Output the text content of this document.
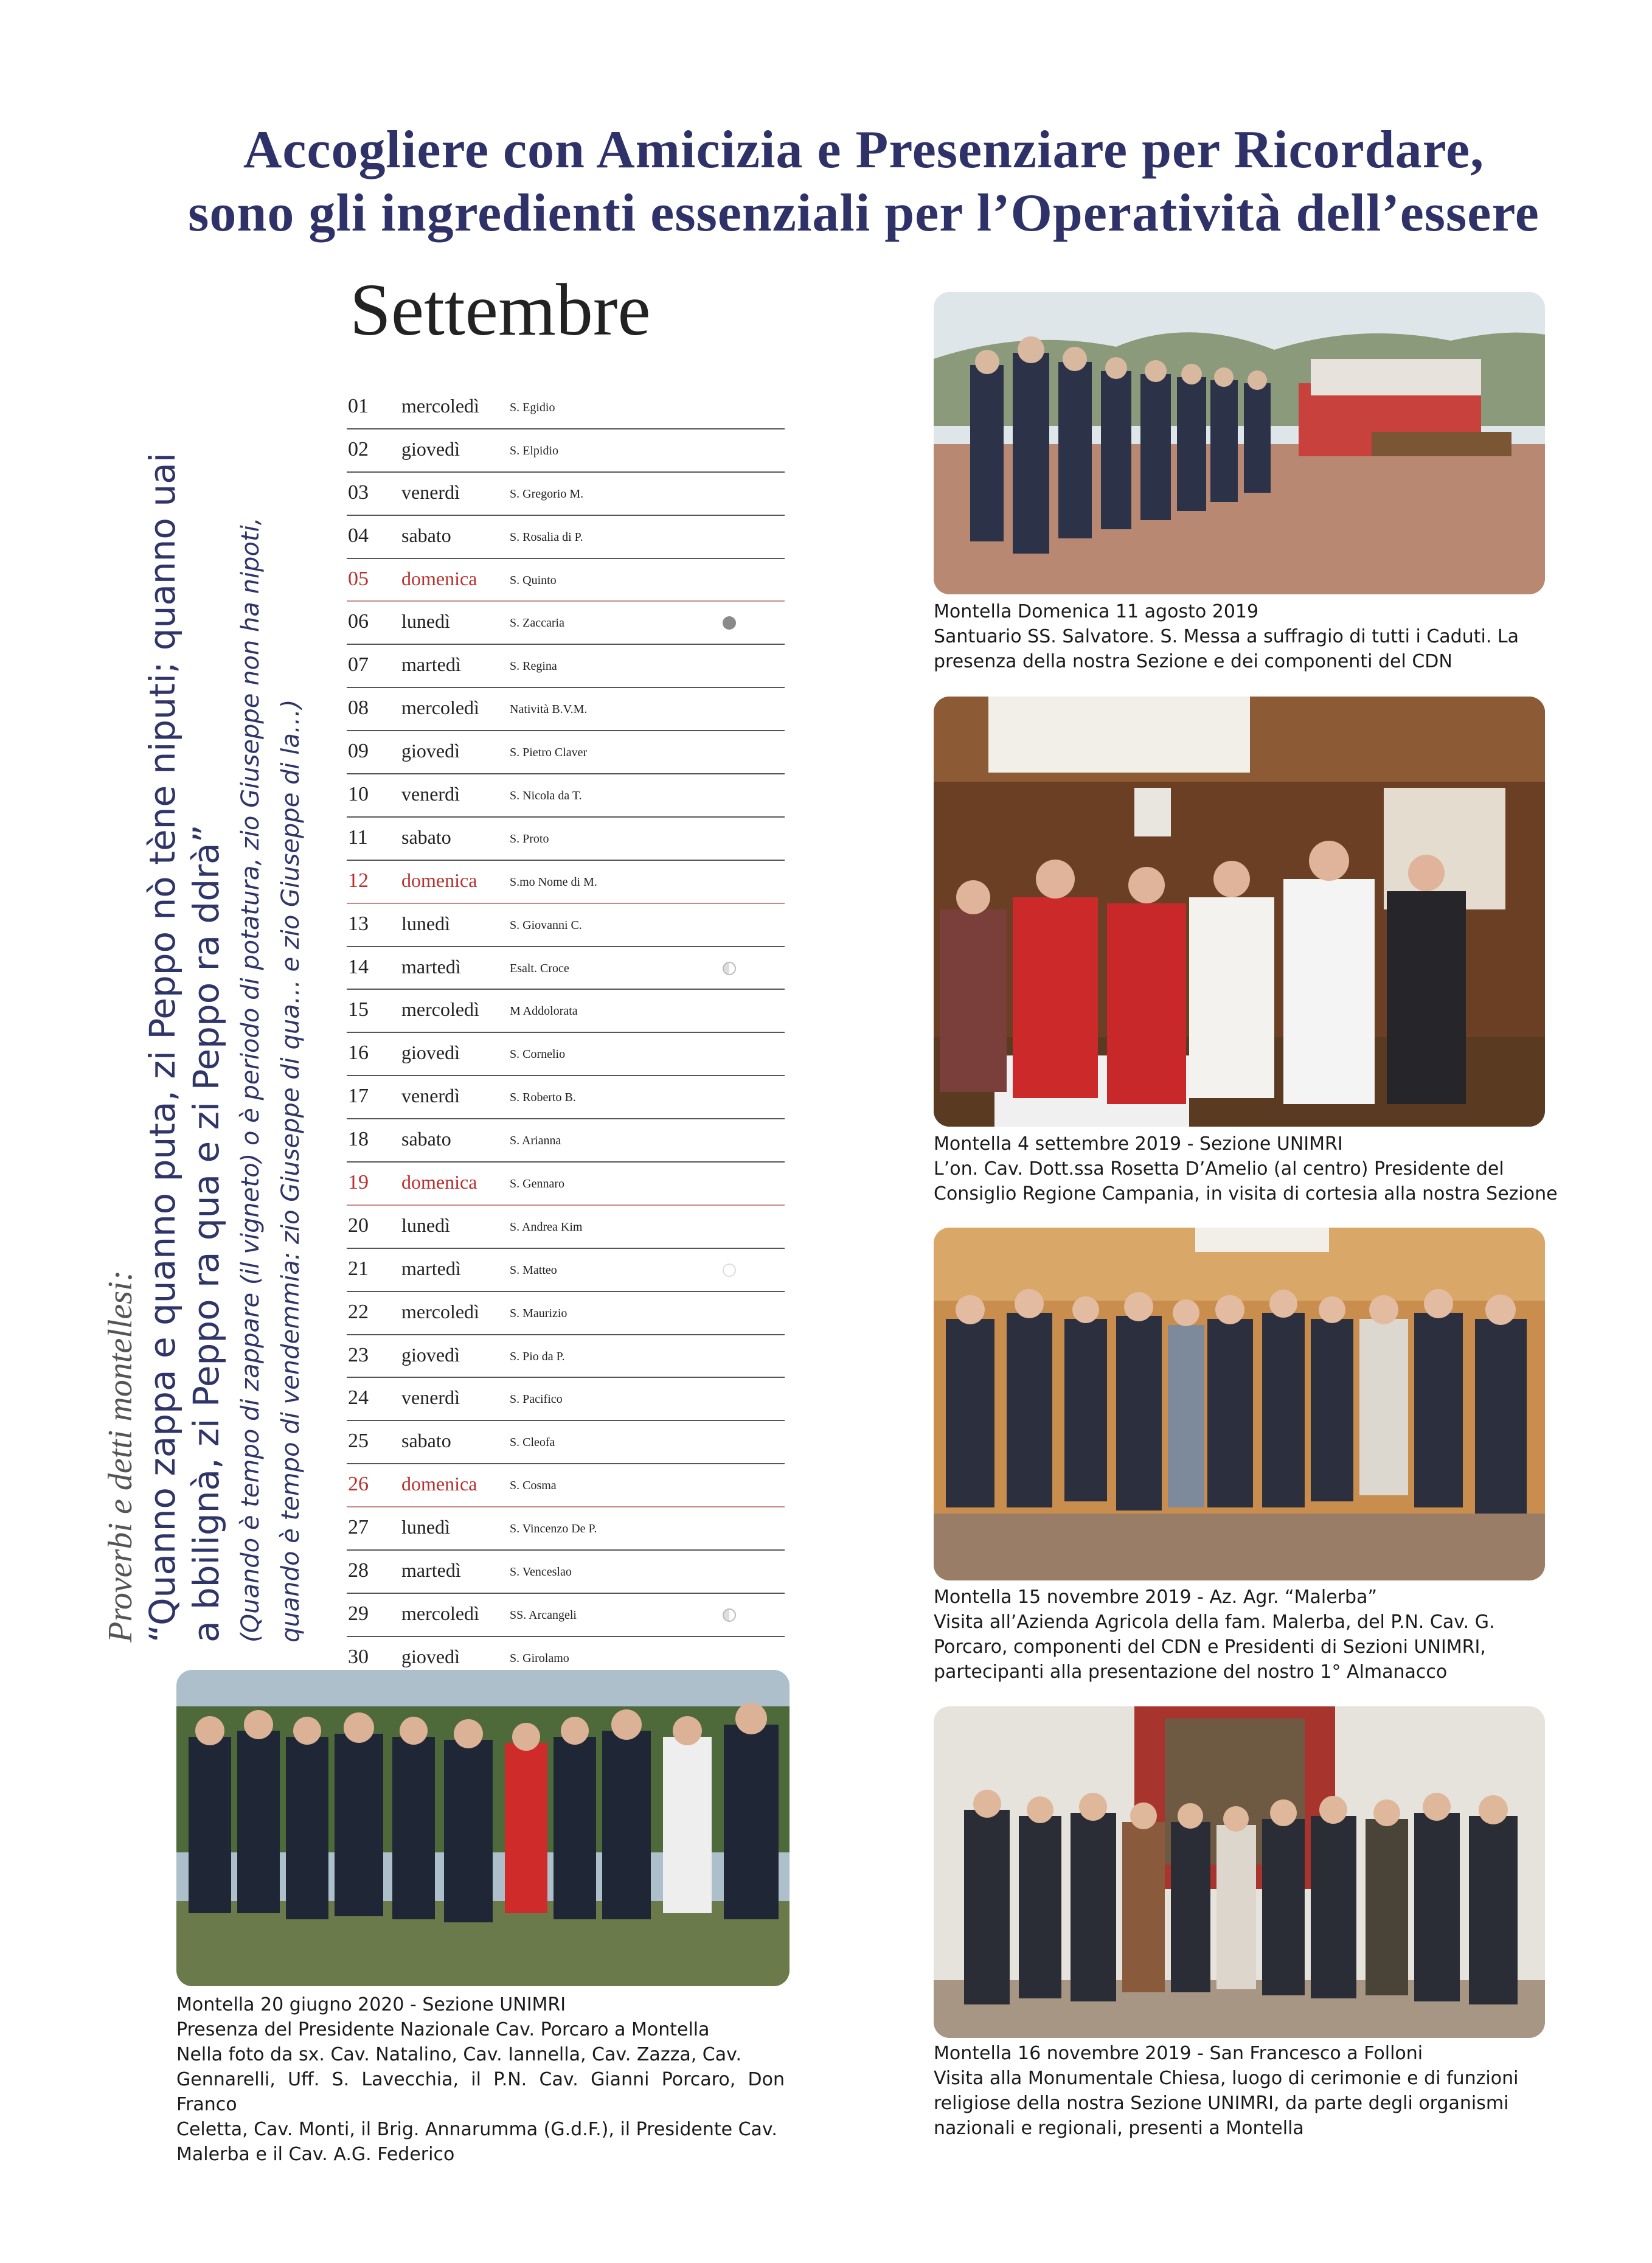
Accogliere con Amicizia e Presenziare per Ricordare,
sono gli ingredienti essenziali per l’Operatività dell’essere
Settembre
01 mercoledì	S. Egidio
02 giovedì	S. Elpidio
03 venerdì	S. Gregorio M.
04 sabato	S. Rosalia di P.
05 domenica	S. Quinto
06 lunedì	S. Zaccaria
07 martedì	S. Regina
08 mercoledì	Natività B.V.M.
09 giovedì	S. Pietro Claver
10 venerdì	S. Nicola da T.
11 sabato	S. Proto
12 domenica	S.mo Nome di M.
13 lunedì	S. Giovanni C.
14 martedì	Esalt. Croce
15 mercoledì	M Addolorata
16 giovedì	S. Cornelio
17 venerdì	S. Roberto B.
18 sabato	S. Arianna
19 domenica	S. Gennaro
20 lunedì	S. Andrea Kim
21 martedì	S. Matteo
22 mercoledì	S. Maurizio
23 giovedì	S. Pio da P.
24 venerdì	S. Pacifico
25 sabato	S. Cleofa
26 domenica	S. Cosma
27 lunedì	S. Vincenzo De P.
28 martedì	S. Venceslao
29 mercoledì	SS. Arcangeli
30 giovedì	S. Girolamo
Proverbi e detti montellesi: “Quanno zappa e quanno puta, zi Peppo nò tène niputi; quanno uai a bbilignà, zi Peppo ra qua e zi Peppo ra ddrà” (Quando è tempo di zappare (il vigneto) o è periodo di potatura, zio Giuseppe non ha nipoti, quando è tempo di vendemmia: zio Giuseppe di qua… e zio Giuseppe di la…)
Montella Domenica 11 agosto 2019
Santuario SS. Salvatore. S. Messa a suffragio di tutti i Caduti. La
presenza della nostra Sezione e dei componenti del CDN
Montella 4 settembre 2019 - Sezione UNIMRI
L’on. Cav. Dott.ssa Rosetta D’Amelio (al centro) Presidente del
Consiglio Regione Campania, in visita di cortesia alla nostra Sezione
Montella 15 novembre 2019 - Az. Agr. “Malerba”
Visita all’Azienda Agricola della fam. Malerba, del P.N. Cav. G.
Porcaro, componenti del CDN e Presidenti di Sezioni UNIMRI,
partecipanti alla presentazione del nostro 1° Almanacco
Montella 20 giugno 2020 - Sezione UNIMRI
Presenza del Presidente Nazionale Cav. Porcaro a Montella
Nella foto da sx. Cav. Natalino, Cav. Iannella, Cav. Zazza, Cav.
Gennarelli, Uff. S. Lavecchia, il P.N. Cav. Gianni Porcaro, Don Franco
Celetta, Cav. Monti, il Brig. Annarumma (G.d.F.), il Presidente Cav.
Malerba e il Cav. A.G. Federico
Montella 16 novembre 2019 - San Francesco a Folloni
Visita alla Monumentale Chiesa, luogo di cerimonie e di funzioni
religiose della nostra Sezione UNIMRI, da parte degli organismi
nazionali e regionali, presenti a Montella
